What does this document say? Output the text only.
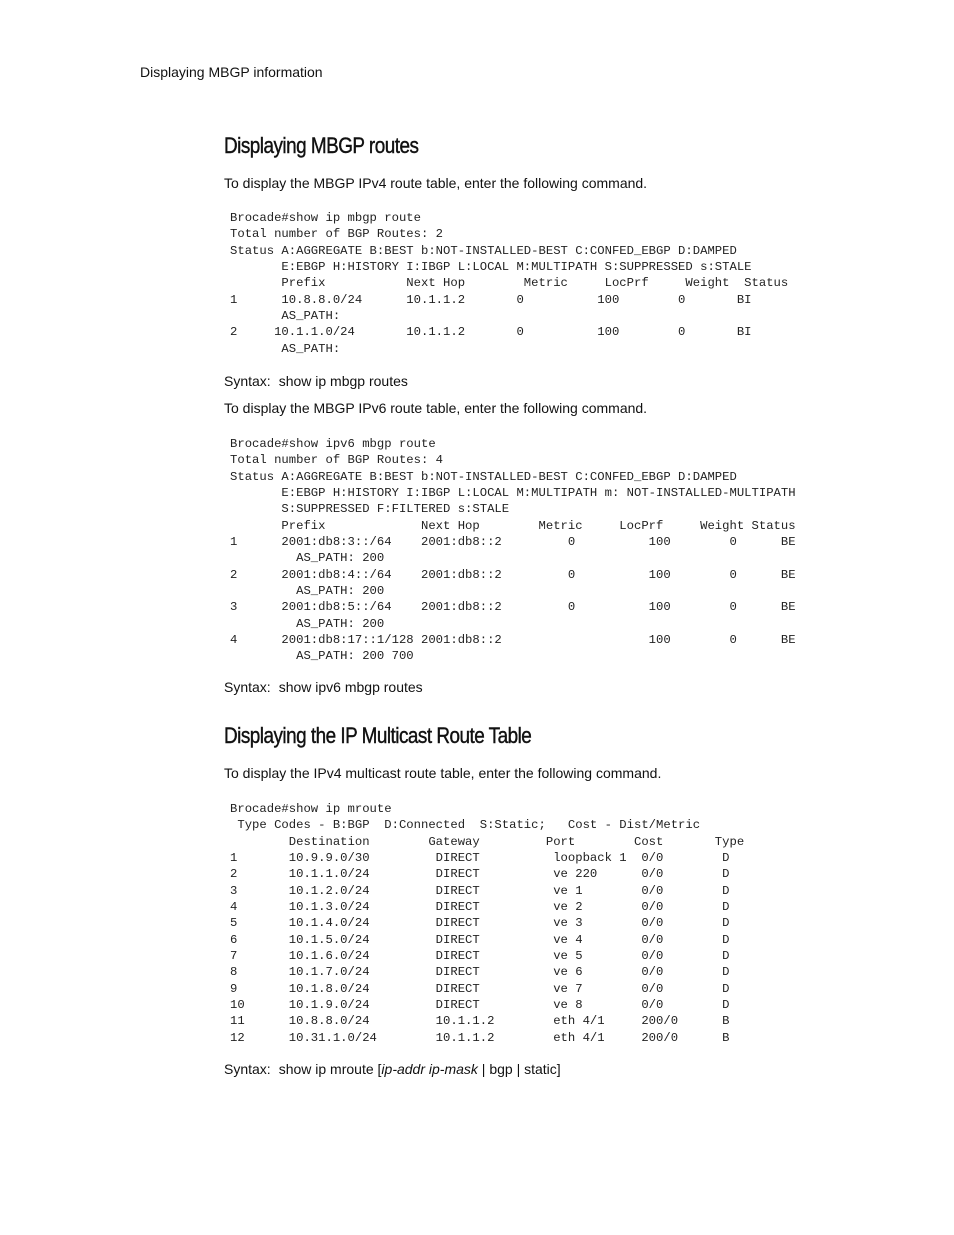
Displaying MBGP information
Displaying MBGP routes

To display the MBGP IPv4 route table, enter the following command.

Brocade#show ip mbgp route
Total number of BGP Routes: 2
Status A:AGGREGATE B:BEST b:NOT-INSTALLED-BEST C:CONFED_EBGP D:DAMPED
E:EBGP H:HISTORY I:IBGP L:LOCAL M:MULTIPATH S:SUPPRESSED s:STALE
Prefix           Next Hop        Metric     LocPrf     Weight  Status
1      10.8.8.0/24      10.1.1.2       0          100        0       BI
AS_PATH:
2     10.1.1.0/24       10.1.1.2       0          100        0       BI
AS_PATH:

Syntax: show ip mbgp routes

To display the MBGP IPv6 route table, enter the following command.

Brocade#show ipv6 mbgp route
Total number of BGP Routes: 4
Status A:AGGREGATE B:BEST b:NOT-INSTALLED-BEST C:CONFED_EBGP D:DAMPED
E:EBGP H:HISTORY I:IBGP L:LOCAL M:MULTIPATH m: NOT-INSTALLED-MULTIPATH
S:SUPPRESSED F:FILTERED s:STALE
Prefix             Next Hop        Metric     LocPrf     Weight Status
1      2001:db8:3::/64    2001:db8::2         0          100        0      BE
AS_PATH: 200
2      2001:db8:4::/64    2001:db8::2         0          100        0      BE
AS_PATH: 200
3      2001:db8:5::/64    2001:db8::2         0          100        0      BE
AS_PATH: 200
4      2001:db8:17::1/128 2001:db8::2                    100        0      BE
AS_PATH: 200 700

Syntax: show ipv6 mbgp routes

Displaying the IP Multicast Route Table

To display the IPv4 multicast route table, enter the following command.

Brocade#show ip mroute
Type Codes - B:BGP  D:Connected  S:Static;   Cost - Dist/Metric
Destination        Gateway         Port        Cost       Type
1       10.9.9.0/30         DIRECT          loopback 1  0/0        D
2       10.1.1.0/24         DIRECT          ve 220      0/0        D
3       10.1.2.0/24         DIRECT          ve 1        0/0        D
4       10.1.3.0/24         DIRECT          ve 2        0/0        D
5       10.1.4.0/24         DIRECT          ve 3        0/0        D
6       10.1.5.0/24         DIRECT          ve 4        0/0        D
7       10.1.6.0/24         DIRECT          ve 5        0/0        D
8       10.1.7.0/24         DIRECT          ve 6        0/0        D
9       10.1.8.0/24         DIRECT          ve 7        0/0        D
10      10.1.9.0/24         DIRECT          ve 8        0/0        D
11      10.8.8.0/24         10.1.1.2        eth 4/1     200/0      B
12      10.31.1.0/24        10.1.1.2        eth 4/1     200/0      B

Syntax: show ip mroute [ip-addr ip-mask | bgp | static]
